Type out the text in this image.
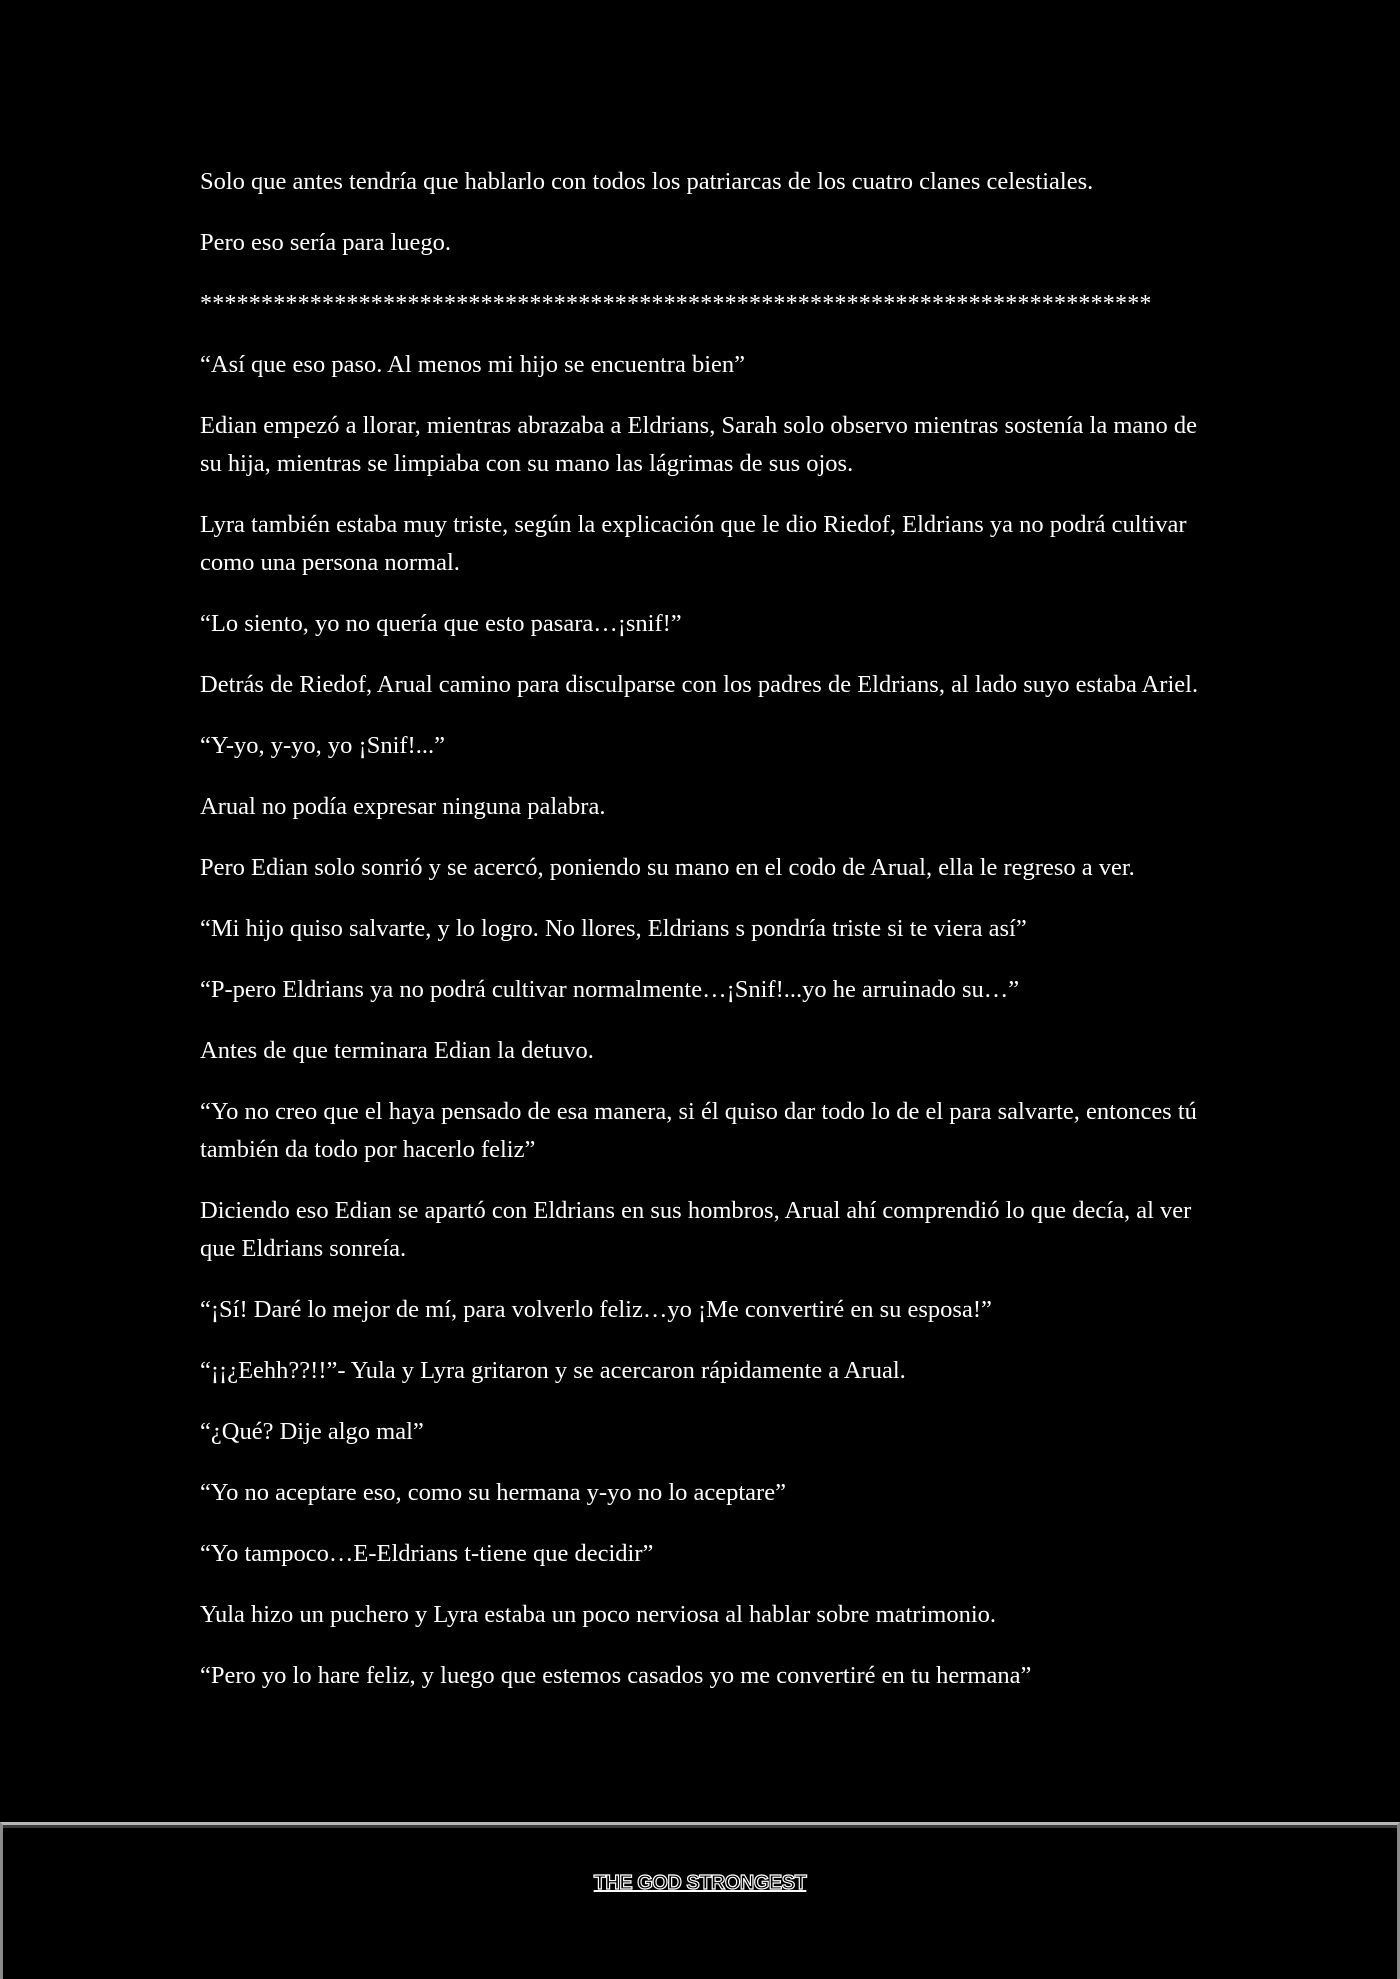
Solo que antes tendría que hablarlo con todos los patriarcas de los cuatro clanes celestiales.

Pero eso sería para luego.

******************************************************************************

“Así que eso paso. Al menos mi hijo se encuentra bien”

Edian empezó a llorar, mientras abrazaba a Eldrians, Sarah solo observo mientras sostenía la mano de su hija, mientras se limpiaba con su mano las lágrimas de sus ojos.

Lyra también estaba muy triste, según la explicación que le dio Riedof, Eldrians ya no podrá cultivar como una persona normal.

“Lo siento, yo no quería que esto pasara…¡snif!”

Detrás de Riedof, Arual camino para disculparse con los padres de Eldrians, al lado suyo estaba Ariel.

“Y-yo, y-yo, yo ¡Snif!...”

Arual no podía expresar ninguna palabra.

Pero Edian solo sonrió y se acercó, poniendo su mano en el codo de Arual, ella le regreso a ver.

“Mi hijo quiso salvarte, y lo logro. No llores, Eldrians s pondría triste si te viera así”

“P-pero Eldrians ya no podrá cultivar normalmente…¡Snif!...yo he arruinado su…”

Antes de que terminara Edian la detuvo.

“Yo no creo que el haya pensado de esa manera, si él quiso dar todo lo de el para salvarte, entonces tú también da todo por hacerlo feliz”

Diciendo eso Edian se apartó con Eldrians en sus hombros, Arual ahí comprendió lo que decía, al ver que Eldrians sonreía.

“¡Sí! Daré lo mejor de mí, para volverlo feliz…yo ¡Me convertiré en su esposa!”

“¡¡¿Eehh??!!”- Yula y Lyra gritaron y se acercaron rápidamente a Arual.

“¿Qué? Dije algo mal”

“Yo no aceptare eso, como su hermana y-yo no lo aceptare”

“Yo tampoco…E-Eldrians t-tiene que decidir”

Yula hizo un puchero y Lyra estaba un poco nerviosa al hablar sobre matrimonio.

“Pero yo lo hare feliz, y luego que estemos casados yo me convertiré en tu hermana”

THE GOD STRONGEST
